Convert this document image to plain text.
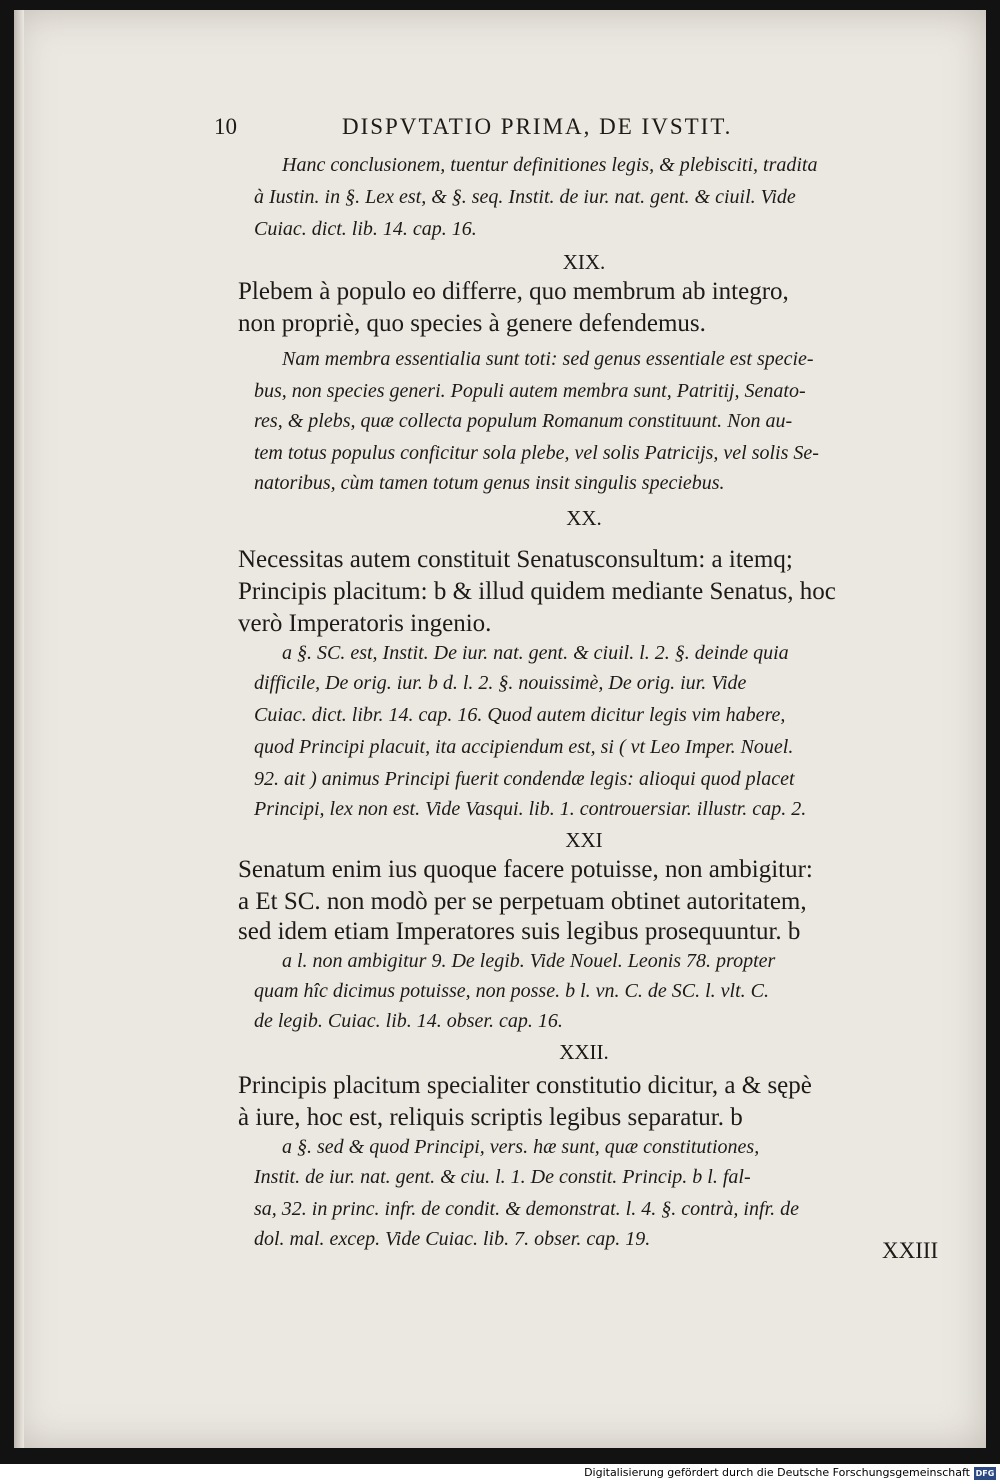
10	DISPVTATIO PRIMA, DE IVSTIT.
XXIII
Hanc conclusionem, tuentur definitiones legis, & plebisciti, tradita
à Iustin. in §. Lex est, & §. seq. Instit. de iur. nat. gent. & ciuil. Vide
Cuiac. dict. lib. 14. cap. 16.
XIX.
Plebem à populo eo differre, quo membrum ab integro,
non propriè, quo species à genere defendemus.
Nam membra essentialia sunt toti: sed genus essentiale est specie-
bus, non species generi. Populi autem membra sunt, Patritij, Senato-
res, & plebs, quæ collecta populum Romanum constituunt. Non au-
tem totus populus conficitur sola plebe, vel solis Patricijs, vel solis Se-
natoribus, cùm tamen totum genus insit singulis speciebus.
XX.
Necessitas autem constituit Senatusconsultum: a itemq;
Principis placitum: b & illud quidem mediante Senatus, hoc
verò Imperatoris ingenio.
a §. SC. est, Instit. De iur. nat. gent. & ciuil. l. 2. §. deinde quia
difficile, De orig. iur. b d. l. 2. §. nouissimè, De orig. iur. Vide
Cuiac. dict. libr. 14. cap. 16. Quod autem dicitur legis vim habere,
quod Principi placuit, ita accipiendum est, si ( vt Leo Imper. Nouel.
92. ait ) animus Principi fuerit condendæ legis: alioqui quod placet
Principi, lex non est. Vide Vasqui. lib. 1. controuersiar. illustr. cap. 2.
XXI
Senatum enim ius quoque facere potuisse, non ambigitur:
a Et SC. non modò per se perpetuam obtinet autoritatem,
sed idem etiam Imperatores suis legibus prosequuntur. b
a l. non ambigitur 9. De legib. Vide Nouel. Leonis 78. propter
quam hîc dicimus potuisse, non posse. b l. vn. C. de SC. l. vlt. C.
de legib. Cuiac. lib. 14. obser. cap. 16.
XXII.
Principis placitum specialiter constitutio dicitur, a & sępè
à iure, hoc est, reliquis scriptis legibus separatur. b
a §. sed & quod Principi, vers. hæ sunt, quæ constitutiones,
Instit. de iur. nat. gent. & ciu. l. 1. De constit. Princip. b l. fal-
sa, 32. in princ. infr. de condit. & demonstrat. l. 4. §. contrà, infr. de
dol. mal. excep. Vide Cuiac. lib. 7. obser. cap. 19.
Digitalisierung gefördert durch die Deutsche Forschungsgemeinschaft DFG
